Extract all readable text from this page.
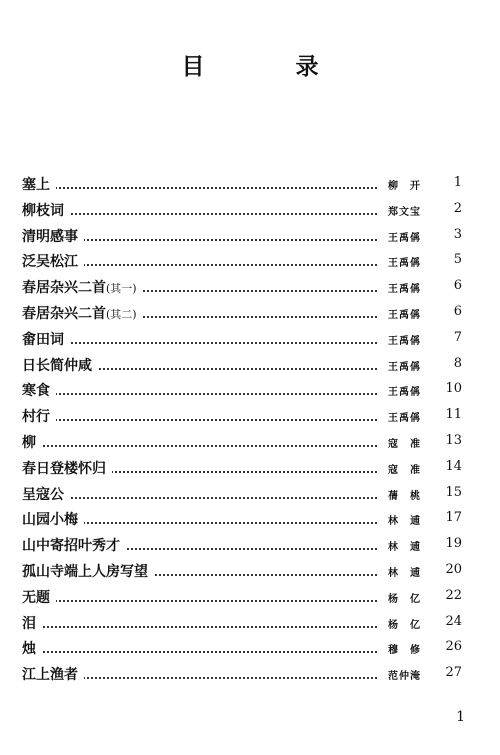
目　录
塞上	柳　开	1
柳枝词	郑文宝	2
清明感事	王禹偁	3
泛吴松江	王禹偁	5
春居杂兴二首(其一)	王禹偁	6
春居杂兴二首(其二)	王禹偁	6
畬田词	王禹偁	7
日长简仲咸	王禹偁	8
寒食	王禹偁	10
村行	王禹偁	11
柳	寇　准	13
春日登楼怀归	寇　准	14
呈寇公	蒨　桃	15
山园小梅	林　逋	17
山中寄招叶秀才	林　逋	19
孤山寺端上人房写望	林　逋	20
无题	杨　亿	22
泪	杨　亿	24
烛	穆　修	26
江上渔者	范仲淹	27
1
